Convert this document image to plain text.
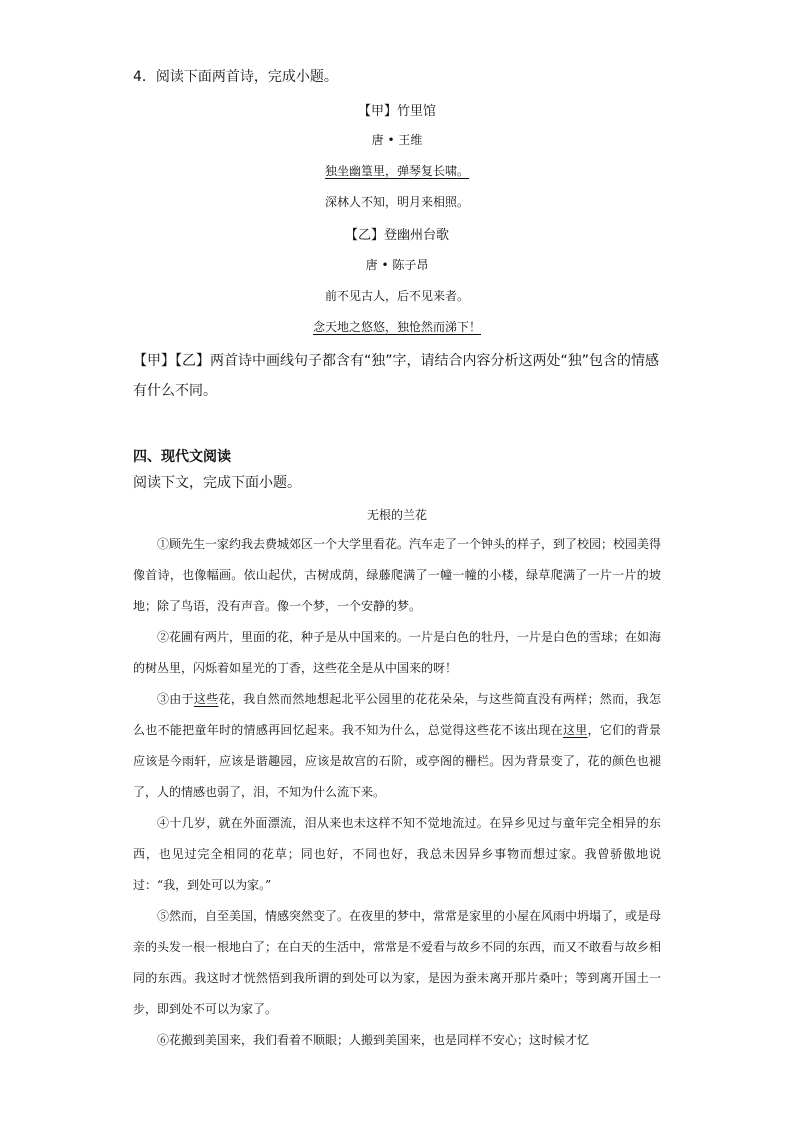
4．阅读下面两首诗，完成小题。
【甲】竹里馆
唐 • 王维
独坐幽篁里，弹琴复长啸。
深林人不知，明月来相照。
【乙】登幽州台歌
唐 • 陈子昂
前不见古人，后不见来者。
念天地之悠悠，独怆然而涕下！
【甲】【乙】两首诗中画线句子都含有“独”字，请结合内容分析这两处“独”包含的情感
有什么不同。
四、现代文阅读
阅读下文，完成下面小题。
无根的兰花

①顾先生一家约我去费城郊区一个大学里看花。汽车走了一个钟头的样子，到了校园；校园美得像首诗，也像幅画。依山起伏，古树成荫，绿藤爬满了一幢一幢的小楼，绿草爬满了一片一片的坡地；除了鸟语，没有声音。像一个梦，一个安静的梦。

②花圃有两片，里面的花，种子是从中国来的。一片是白色的牡丹，一片是白色的雪球；在如海的树丛里，闪烁着如星光的丁香，这些花全是从中国来的呀！

③由于这些花，我自然而然地想起北平公园里的花花朵朵，与这些简直没有两样；然而，我怎么也不能把童年时的情感再回忆起来。我不知为什么，总觉得这些花不该出现在这里，它们的背景应该是今雨轩，应该是谐趣园，应该是故宫的石阶，或亭阁的栅栏。因为背景变了，花的颜色也褪了，人的情感也弱了，泪，不知为什么流下来。

④十几岁，就在外面漂流，泪从来也未这样不知不觉地流过。在异乡见过与童年完全相异的东西，也见过完全相同的花草；同也好，不同也好，我总未因异乡事物而想过家。我曾骄傲地说过：“我，到处可以为家。”

⑤然而，自至美国，情感突然变了。在夜里的梦中，常常是家里的小屋在风雨中坍塌了，或是母亲的头发一根一根地白了；在白天的生活中，常常是不爱看与故乡不同的东西，而又不敢看与故乡相同的东西。我这时才恍然悟到我所谓的到处可以为家，是因为蚕未离开那片桑叶；等到离开国土一步，即到处不可以为家了。

⑥花搬到美国来，我们看着不顺眼；人搬到美国来，也是同样不安心；这时候才忆
